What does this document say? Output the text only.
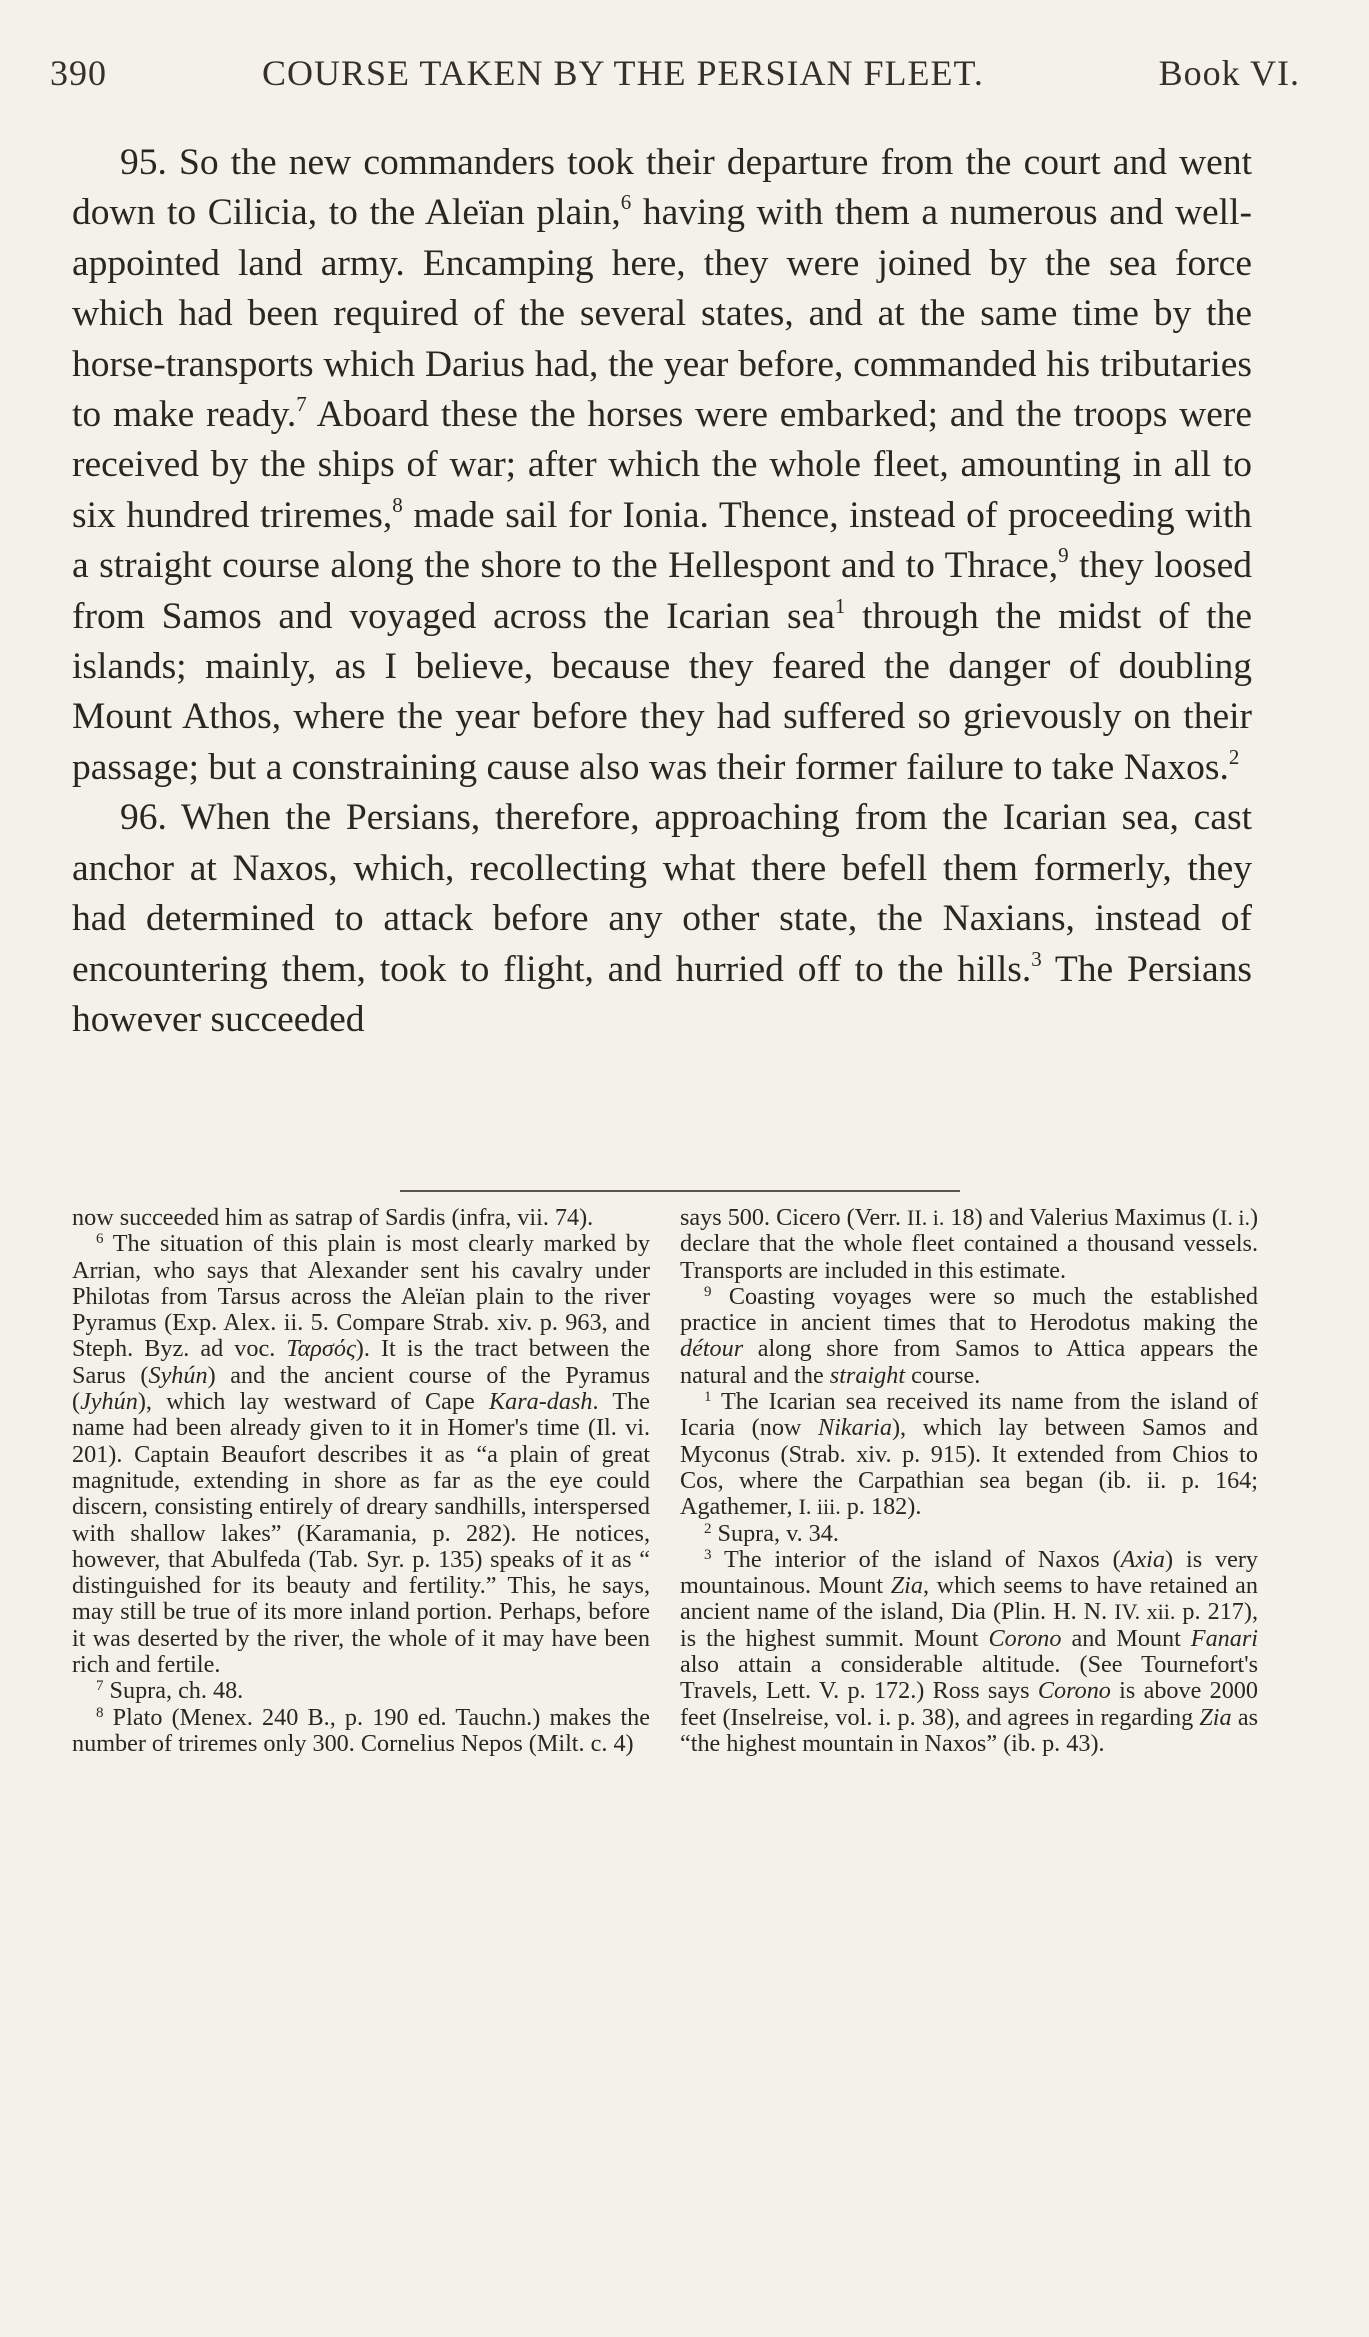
390	COURSE TAKEN BY THE PERSIAN FLEET.	Book VI.

95. So the new commanders took their departure from the court and went down to Cilicia, to the Aleïan plain,$^6$ having with them a numerous and well-appointed land army. Encamping here, they were joined by the sea force which had been required of the several states, and at the same time by the horse-transports which Darius had, the year before, commanded his tributaries to make ready.$^7$ Aboard these the horses were embarked; and the troops were received by the ships of war; after which the whole fleet, amounting in all to six hundred triremes,$^8$ made sail for Ionia. Thence, instead of proceeding with a straight course along the shore to the Hellespont and to Thrace,$^9$ they loosed from Samos and voyaged across the Icarian sea$^1$ through the midst of the islands; mainly, as I believe, because they feared the danger of doubling Mount Athos, where the year before they had suffered so grievously on their passage; but a constraining cause also was their former failure to take Naxos.$^2$

96. When the Persians, therefore, approaching from the Icarian sea, cast anchor at Naxos, which, recollecting what there befell them formerly, they had determined to attack before any other state, the Naxians, instead of encountering them, took to flight, and hurried off to the hills.$^3$ The Persians however succeeded

now succeeded him as satrap of Sardis (infra, vii. 74).

$^6$ The situation of this plain is most clearly marked by Arrian, who says that Alexander sent his cavalry under Philotas from Tarsus across the Aleïan plain to the river Pyramus (Exp. Alex. ii. 5. Compare Strab. xiv. p. 963, and Steph. Byz. ad voc. Ταρσός). It is the tract between the Sarus (Syhún) and the ancient course of the Pyramus (Jyhún), which lay westward of Cape Kara-dash. The name had been already given to it in Homer's time (Il. vi. 201). Captain Beaufort describes it as “a plain of great magnitude, extending in shore as far as the eye could discern, consisting entirely of dreary sandhills, interspersed with shallow lakes” (Karamania, p. 282). He notices, however, that Abulfeda (Tab. Syr. p. 135) speaks of it as “ distinguished for its beauty and fertility.” This, he says, may still be true of its more inland portion. Perhaps, before it was deserted by the river, the whole of it may have been rich and fertile.

$^7$ Supra, ch. 48.

$^8$ Plato (Menex. 240 B., p. 190 ed. Tauchn.) makes the number of triremes only 300. Cornelius Nepos (Milt. c. 4)

says 500. Cicero (Verr. II. i. 18) and Valerius Maximus (I. i.) declare that the whole fleet contained a thousand vessels. Transports are included in this estimate.

$^9$ Coasting voyages were so much the established practice in ancient times that to Herodotus making the détour along shore from Samos to Attica appears the natural and the straight course.

$^1$ The Icarian sea received its name from the island of Icaria (now Nikaria), which lay between Samos and Myconus (Strab. xiv. p. 915). It extended from Chios to Cos, where the Carpathian sea began (ib. ii. p. 164; Agathemer, I. iii. p. 182).

$^2$ Supra, v. 34.

$^3$ The interior of the island of Naxos (Axia) is very mountainous. Mount Zia, which seems to have retained an ancient name of the island, Dia (Plin. H. N. IV. xii. p. 217), is the highest summit. Mount Corono and Mount Fanari also attain a considerable altitude. (See Tournefort's Travels, Lett. V. p. 172.) Ross says Corono is above 2000 feet (Inselreise, vol. i. p. 38), and agrees in regarding Zia as “the highest mountain in Naxos” (ib. p. 43).
